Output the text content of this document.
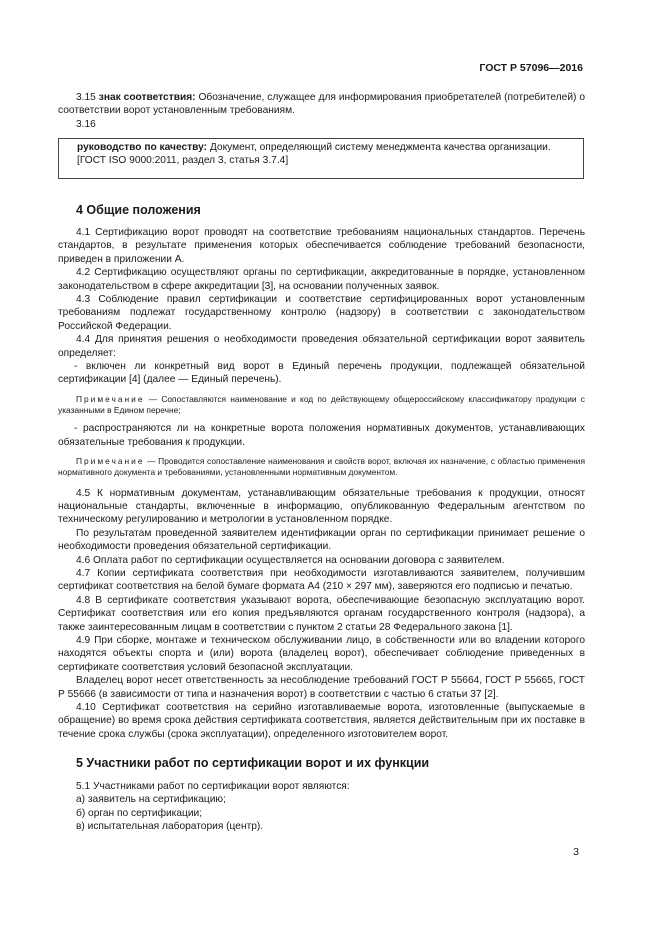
ГОСТ Р 57096—2016

3.15 знак соответствия: Обозначение, служащее для информирования приобретателей (потребителей) о соответствии ворот установленным требованиям.

3.16

руководство по качеству: Документ, определяющий систему менеджмента качества организации.

[ГОСТ ISO 9000:2011, раздел 3, статья 3.7.4]

4 Общие положения

4.1 Сертификацию ворот проводят на соответствие требованиям национальных стандартов. Перечень стандартов, в результате применения которых обеспечивается соблюдение требований безопасности, приведен в приложении А.

4.2 Сертификацию осуществляют органы по сертификации, аккредитованные в порядке, установленном законодательством в сфере аккредитации [3], на основании полученных заявок.

4.3 Соблюдение правил сертификации и соответствие сертифицированных ворот установленным требованиям подлежат государственному контролю (надзору) в соответствии с законодательством Российской Федерации.

4.4 Для принятия решения о необходимости проведения обязательной сертификации ворот заявитель определяет:

- включен ли конкретный вид ворот в Единый перечень продукции, подлежащей обязательной сертификации [4] (далее — Единый перечень).

Примечание — Сопоставляются наименование и код по действующему общероссийскому классификатору продукции с указанными в Едином перечне;

- распространяются ли на конкретные ворота положения нормативных документов, устанавливающих обязательные требования к продукции.

Примечание — Проводится сопоставление наименования и свойств ворот, включая их назначение, с областью применения нормативного документа и требованиями, установленными нормативным документом.

4.5 К нормативным документам, устанавливающим обязательные требования к продукции, относят национальные стандарты, включенные в информацию, опубликованную Федеральным агентством по техническому регулированию и метрологии в установленном порядке.

По результатам проведенной заявителем идентификации орган по сертификации принимает решение о необходимости проведения обязательной сертификации.

4.6 Оплата работ по сертификации осуществляется на основании договора с заявителем.

4.7 Копии сертификата соответствия при необходимости изготавливаются заявителем, получившим сертификат соответствия на белой бумаге формата А4 (210 × 297 мм), заверяются его подписью и печатью.

4.8 В сертификате соответствия указывают ворота, обеспечивающие безопасную эксплуатацию ворот. Сертификат соответствия или его копия предъявляются органам государственного контроля (надзора), а также заинтересованным лицам в соответствии с пунктом 2 статьи 28 Федерального закона [1].

4.9 При сборке, монтаже и техническом обслуживании лицо, в собственности или во владении которого находятся объекты спорта и (или) ворота (владелец ворот), обеспечивает соблюдение приведенных в сертификате соответствия условий безопасной эксплуатации.

Владелец ворот несет ответственность за несоблюдение требований ГОСТ Р 55664, ГОСТ Р 55665, ГОСТ Р 55666 (в зависимости от типа и назначения ворот) в соответствии с частью 6 статьи 37 [2].

4.10 Сертификат соответствия на серийно изготавливаемые ворота, изготовленные (выпускаемые в обращение) во время срока действия сертификата соответствия, является действительным при их поставке в течение срока службы (срока эксплуатации), определенного изготовителем ворот.

5 Участники работ по сертификации ворот и их функции

5.1 Участниками работ по сертификации ворот являются:

а) заявитель на сертификацию;

б) орган по сертификации;

в) испытательная лаборатория (центр).

3
